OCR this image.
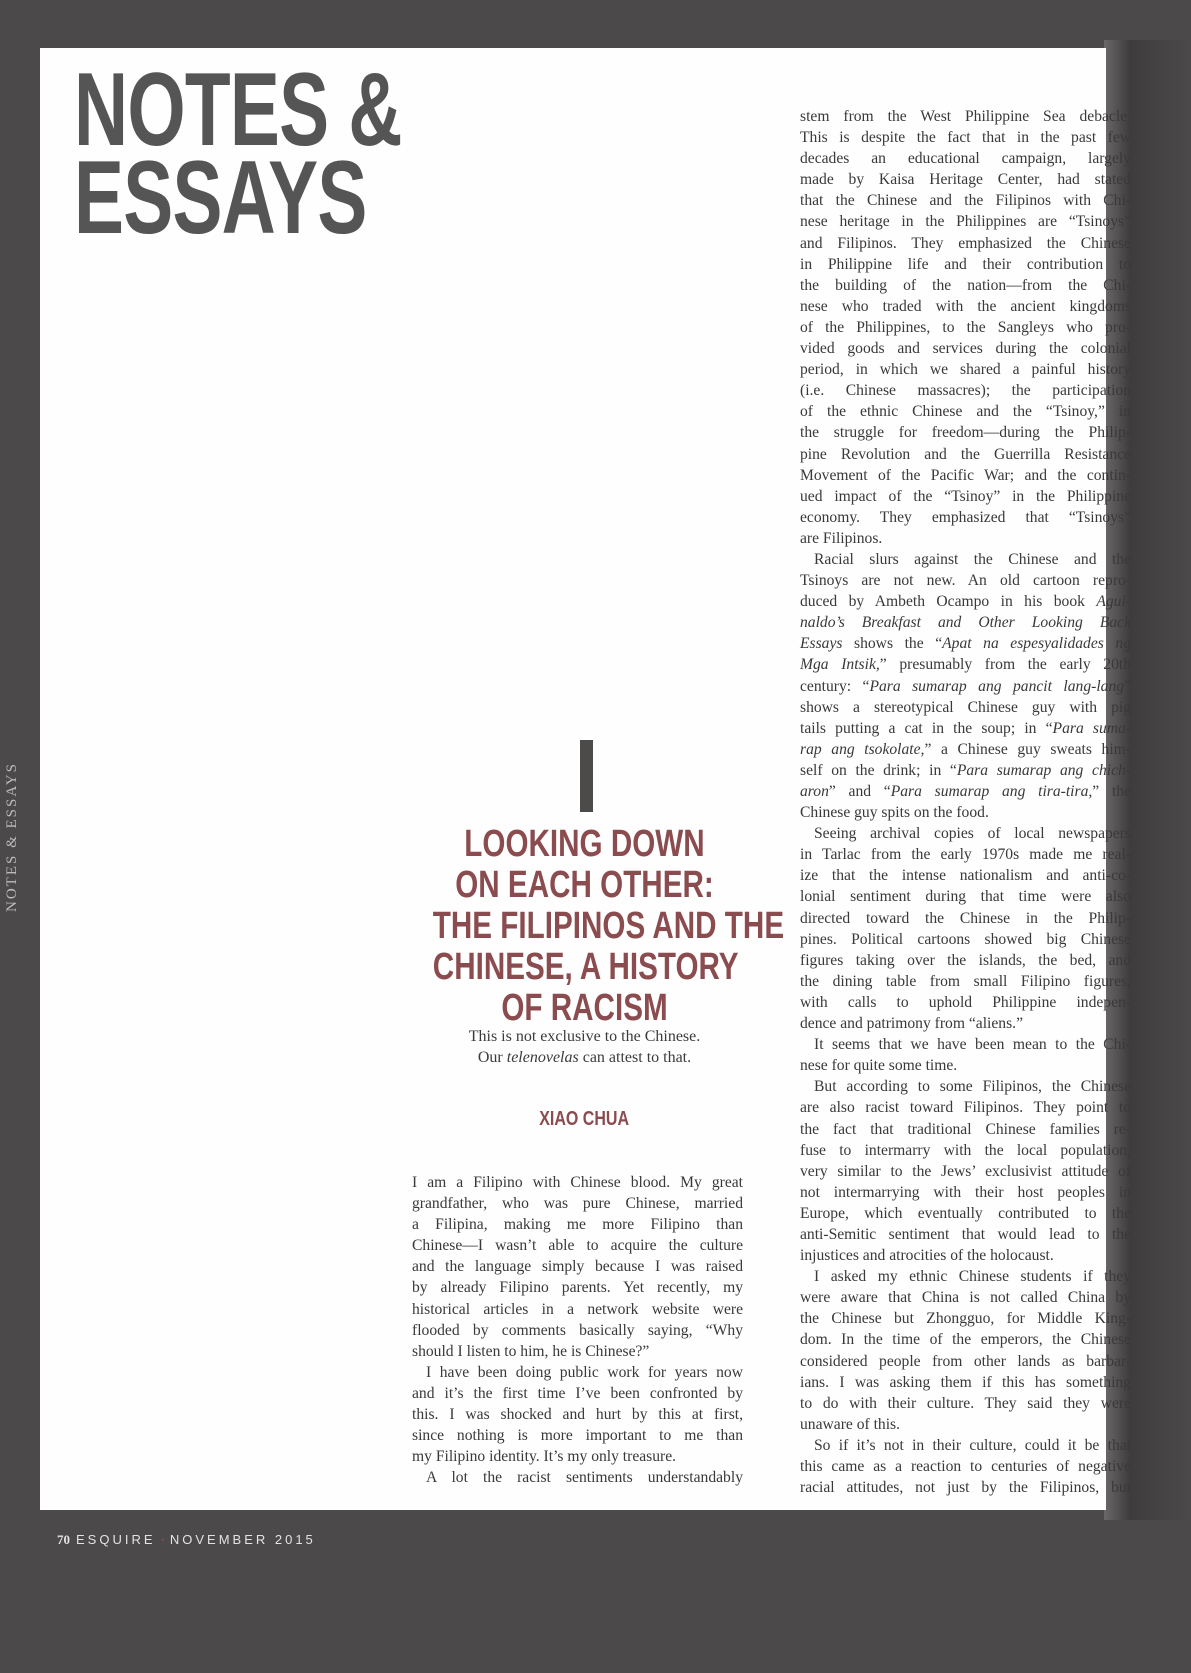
NOTES &
ESSAYS
LOOKING DOWN
ON EACH OTHER:
THE FILIPINOS AND THE
CHINESE, A HISTORY
OF RACISM
This is not exclusive to the Chinese.
Our telenovelas can attest to that.
XIAO CHUA
I am a Filipino with Chinese blood. My great
grandfather, who was pure Chinese, married
a Filipina, making me more Filipino than
Chinese—I wasn’t able to acquire the culture
and the language simply because I was raised
by already Filipino parents. Yet recently, my
historical articles in a network website were
flooded by comments basically saying, “Why
should I listen to him, he is Chinese?”
I have been doing public work for years now
and it’s the first time I’ve been confronted by
this. I was shocked and hurt by this at first,
since nothing is more important to me than
my Filipino identity. It’s my only treasure.
A lot the racist sentiments understandably
stem from the West Philippine Sea debacle.
This is despite the fact that in the past few
decades an educational campaign, largely
made by Kaisa Heritage Center, had stated
that the Chinese and the Filipinos with Chi-
nese heritage in the Philippines are “Tsinoys”
and Filipinos. They emphasized the Chinese
in Philippine life and their contribution to
the building of the nation—from the Chi-
nese who traded with the ancient kingdoms
of the Philippines, to the Sangleys who pro-
vided goods and services during the colonial
period, in which we shared a painful history
(i.e. Chinese massacres); the participation
of the ethnic Chinese and the “Tsinoy,” in
the struggle for freedom—during the Philip-
pine Revolution and the Guerrilla Resistance
Movement of the Pacific War; and the contin-
ued impact of the “Tsinoy” in the Philippine
economy. They emphasized that “Tsinoys”
are Filipinos.
Racial slurs against the Chinese and the
Tsinoys are not new. An old cartoon repro-
duced by Ambeth Ocampo in his book Agui-
naldo’s Breakfast and Other Looking Back
Essays shows the “Apat na espesyalidades ng
Mga Intsik,” presumably from the early 20th
century: “Para sumarap ang pancit lang-lang”
shows a stereotypical Chinese guy with pig
tails putting a cat in the soup; in “Para suma-
rap ang tsokolate,” a Chinese guy sweats him-
self on the drink; in “Para sumarap ang chich-
aron” and “Para sumarap ang tira-tira,” the
Chinese guy spits on the food.
Seeing archival copies of local newspapers
in Tarlac from the early 1970s made me real-
ize that the intense nationalism and anti-co-
lonial sentiment during that time were also
directed toward the Chinese in the Philip-
pines. Political cartoons showed big Chinese
figures taking over the islands, the bed, and
the dining table from small Filipino figures,
with calls to uphold Philippine indepen-
dence and patrimony from “aliens.”
It seems that we have been mean to the Chi-
nese for quite some time.
But according to some Filipinos, the Chinese
are also racist toward Filipinos. They point to
the fact that traditional Chinese families re-
fuse to intermarry with the local population,
very similar to the Jews’ exclusivist attitude of
not intermarrying with their host peoples in
Europe, which eventually contributed to the
anti-Semitic sentiment that would lead to the
injustices and atrocities of the holocaust.
I asked my ethnic Chinese students if they
were aware that China is not called China by
the Chinese but Zhongguo, for Middle King-
dom. In the time of the emperors, the Chinese
considered people from other lands as barbar-
ians. I was asking them if this has something
to do with their culture. They said they were
unaware of this.
So if it’s not in their culture, could it be that
this came as a reaction to centuries of negative
racial attitudes, not just by the Filipinos, but
NOTES & ESSAYS
70 ESQUIRE · NOVEMBER 2015
